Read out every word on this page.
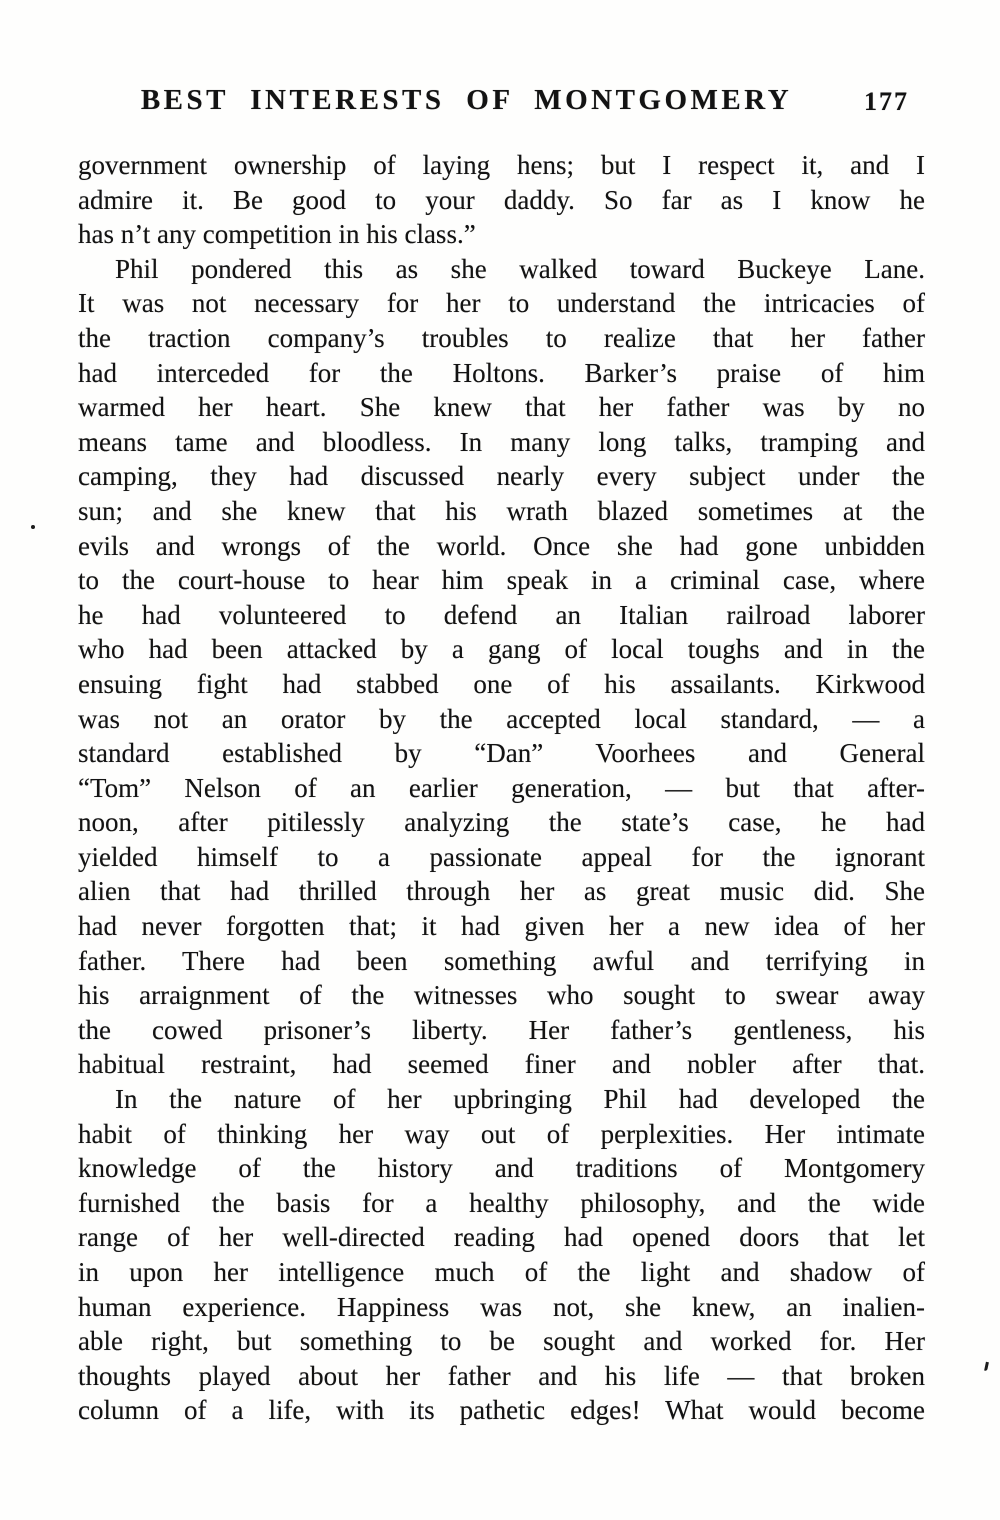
BEST INTERESTS OF MONTGOMERY	177
government ownership of laying hens; but I respect it, and I
admire it. Be good to your daddy. So far as I know he
has n’t any competition in his class.”
Phil pondered this as she walked toward Buckeye Lane.
It was not necessary for her to understand the intricacies of
the traction company’s troubles to realize that her father
had interceded for the Holtons. Barker’s praise of him
warmed her heart. She knew that her father was by no
means tame and bloodless. In many long talks, tramping and
camping, they had discussed nearly every subject under the
sun; and she knew that his wrath blazed sometimes at the
evils and wrongs of the world. Once she had gone unbidden
to the court-house to hear him speak in a criminal case, where
he had volunteered to defend an Italian railroad laborer
who had been attacked by a gang of local toughs and in the
ensuing fight had stabbed one of his assailants. Kirkwood
was not an orator by the accepted local standard, — a
standard established by “Dan” Voorhees and General
“Tom” Nelson of an earlier generation, — but that after-
noon, after pitilessly analyzing the state’s case, he had
yielded himself to a passionate appeal for the ignorant
alien that had thrilled through her as great music did. She
had never forgotten that; it had given her a new idea of her
father. There had been something awful and terrifying in
his arraignment of the witnesses who sought to swear away
the cowed prisoner’s liberty. Her father’s gentleness, his
habitual restraint, had seemed finer and nobler after that.
In the nature of her upbringing Phil had developed the
habit of thinking her way out of perplexities. Her intimate
knowledge of the history and traditions of Montgomery
furnished the basis for a healthy philosophy, and the wide
range of her well-directed reading had opened doors that let
in upon her intelligence much of the light and shadow of
human experience. Happiness was not, she knew, an inalien-
able right, but something to be sought and worked for. Her
thoughts played about her father and his life — that broken
column of a life, with its pathetic edges! What would become
